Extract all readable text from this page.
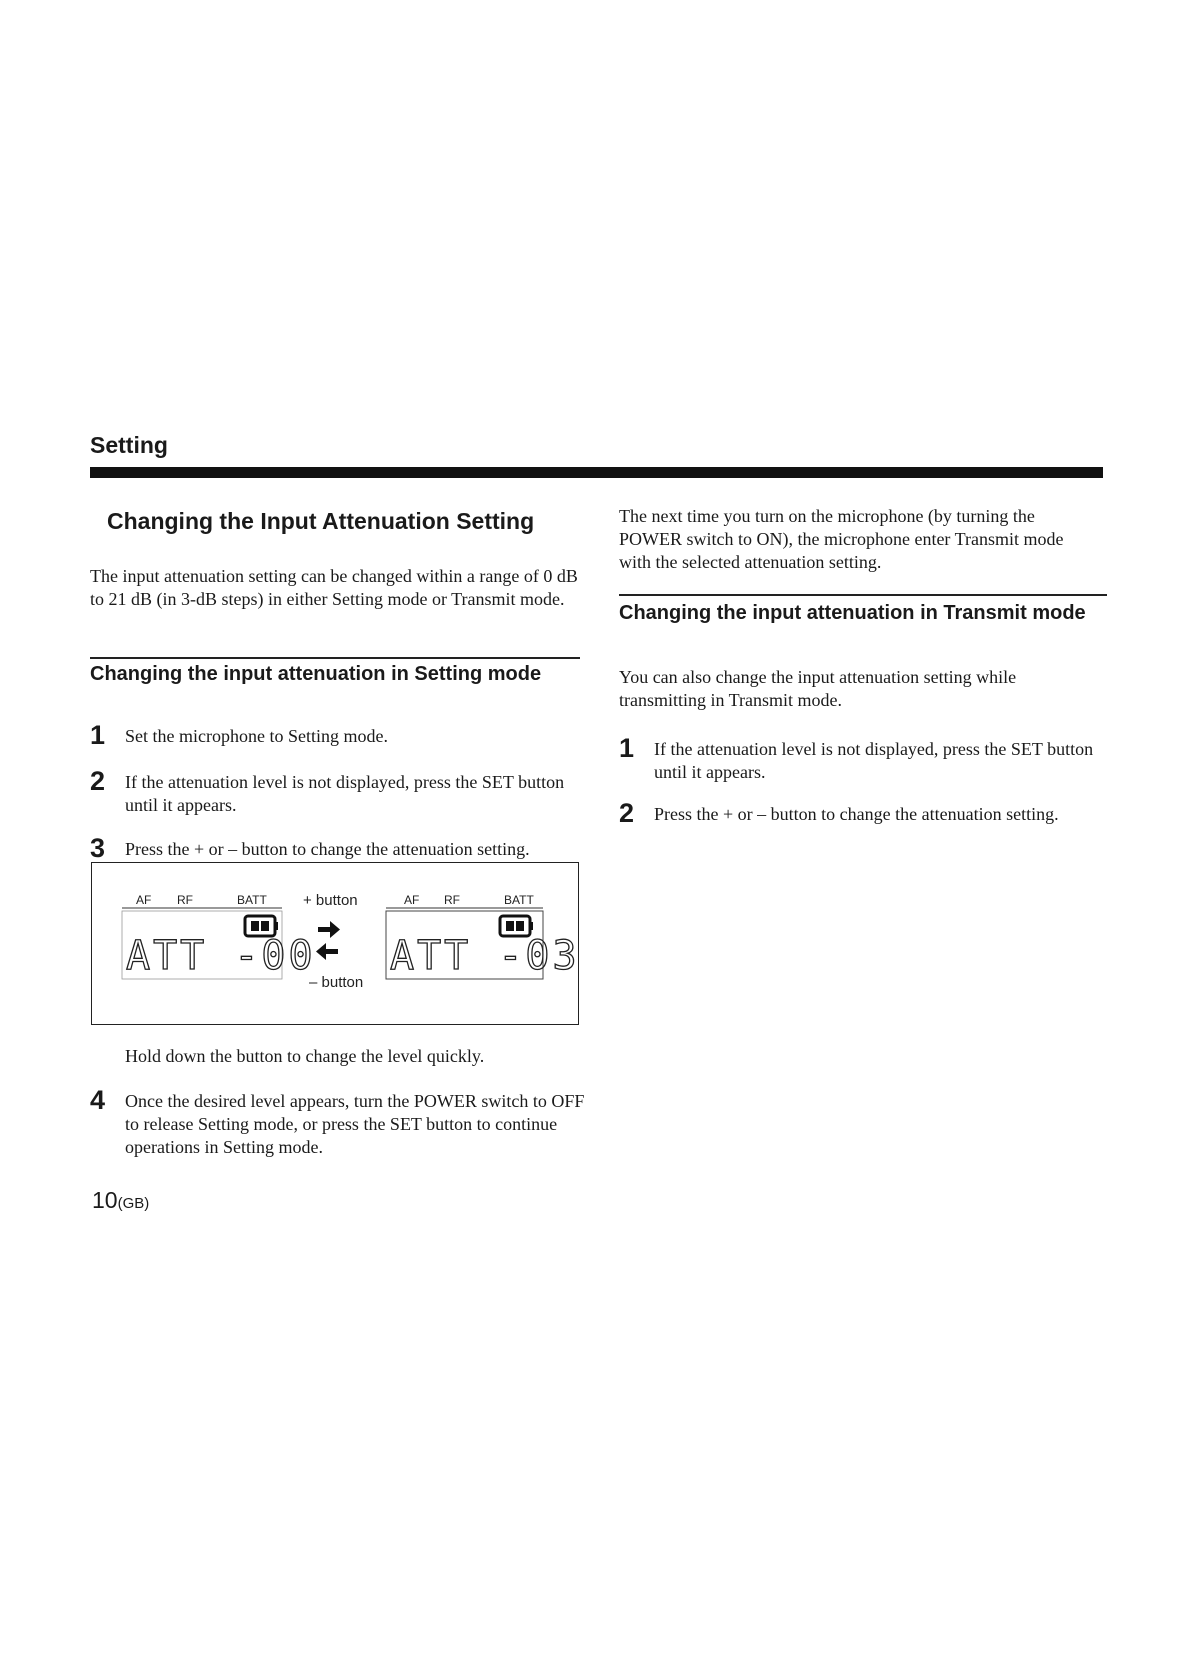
Setting
Changing the Input Attenuation Setting
The input attenuation setting can be changed within a range of 0 dB to 21 dB (in 3-dB steps) in either Setting mode or Transmit mode.
Changing the input attenuation in Setting mode
1	Set the microphone to Setting mode.
2	If the attenuation level is not displayed, press the SET button until it appears.
3	Press the + or – button to change the attenuation setting.
AF RF	BATT	AF RF	BATT
ATT -00 ATT -03
+ button
– button
Hold down the button to change the level quickly.
4	Once the desired level appears, turn the POWER switch to OFF to release Setting mode, or press the SET button to continue operations in Setting mode.
The next time you turn on the microphone (by turning the POWER switch to ON), the microphone enter Transmit mode with the selected attenuation setting.
Changing the input attenuation in Transmit mode
You can also change the input attenuation setting while transmitting in Transmit mode.
1	If the attenuation level is not displayed, press the SET button until it appears.
2	Press the + or – button to change the attenuation setting.
10(GB)
